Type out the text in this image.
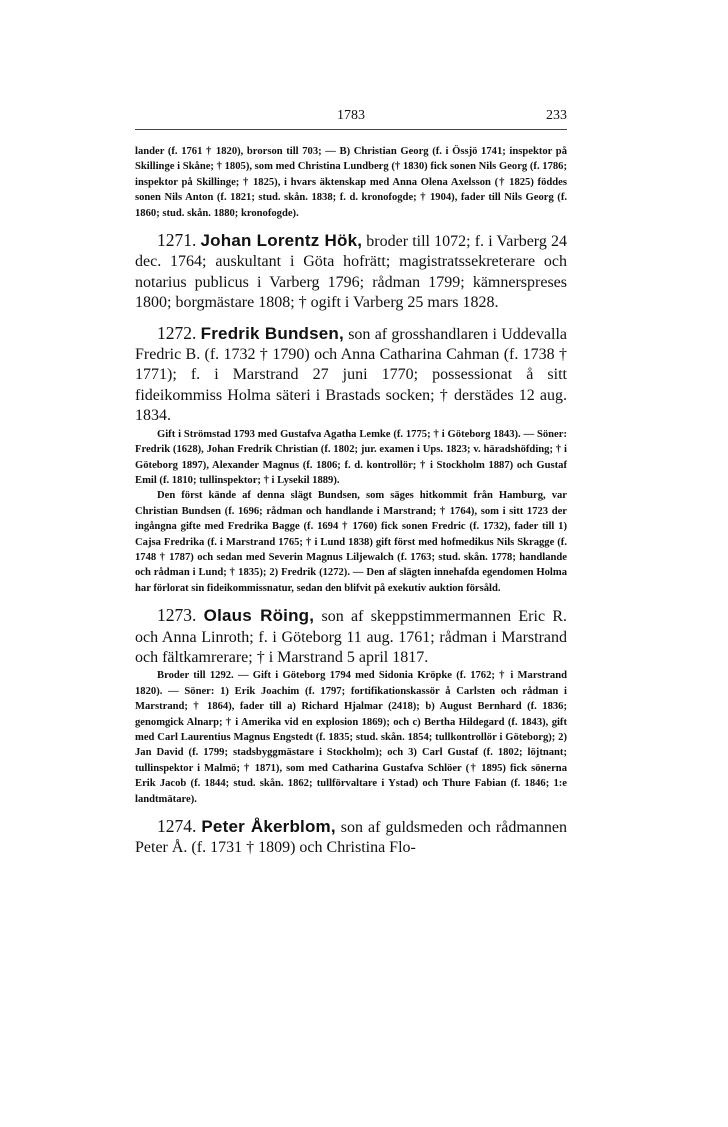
1783	233

lander (f. 1761 † 1820), brorson till 703; — B) Christian Georg (f. i Össjö 1741; inspektor på Skillinge i Skåne; † 1805), som med Christina Lundberg († 1830) fick sonen Nils Georg (f. 1786; inspektor på Skillinge; † 1825), i hvars äktenskap med Anna Olena Axelsson († 1825) föddes sonen Nils Anton (f. 1821; stud. skån. 1838; f. d. kronofogde; † 1904), fader till Nils Georg (f. 1860; stud. skån. 1880; kronofogde).

1271. Johan Lorentz Hök, broder till 1072; f. i Varberg 24 dec. 1764; auskultant i Göta hofrätt; magistratssekreterare och notarius publicus i Varberg 1796; rådman 1799; kämnerspreses 1800; borgmästare 1808; † ogift i Varberg 25 mars 1828.

1272. Fredrik Bundsen, son af grosshandlaren i Uddevalla Fredric B. (f. 1732 † 1790) och Anna Catharina Cahman (f. 1738 † 1771); f. i Marstrand 27 juni 1770; possessionat å sitt fideikommiss Holma säteri i Brastads socken; † derstädes 12 aug. 1834.

Gift i Strömstad 1793 med Gustafva Agatha Lemke (f. 1775; † i Göteborg 1843). — Söner: Fredrik (1628), Johan Fredrik Christian (f. 1802; jur. examen i Ups. 1823; v. häradshöfding; † i Göteborg 1897), Alexander Magnus (f. 1806; f. d. kontrollör; † i Stockholm 1887) och Gustaf Emil (f. 1810; tullinspektor; † i Lysekil 1889).

Den först kände af denna slägt Bundsen, som säges hitkommit från Hamburg, var Christian Bundsen (f. 1696; rådman och handlande i Marstrand; † 1764), som i sitt 1723 der ingångna gifte med Fredrika Bagge (f. 1694 † 1760) fick sonen Fredric (f. 1732), fader till 1) Cajsa Fredrika (f. i Marstrand 1765; † i Lund 1838) gift först med hofmedikus Nils Skragge (f. 1748 † 1787) och sedan med Severin Magnus Liljewalch (f. 1763; stud. skån. 1778; handlande och rådman i Lund; † 1835); 2) Fredrik (1272). — Den af slägten innehafda egendomen Holma har förlorat sin fideikommissnatur, sedan den blifvit på exekutiv auktion försåld.

1273. Olaus Röing, son af skeppstimmermannen Eric R. och Anna Linroth; f. i Göteborg 11 aug. 1761; rådman i Marstrand och fältkamrerare; † i Marstrand 5 april 1817.

Broder till 1292. — Gift i Göteborg 1794 med Sidonia Kröpke (f. 1762; † i Marstrand 1820). — Söner: 1) Erik Joachim (f. 1797; fortifikationskassör å Carlsten och rådman i Marstrand; † 1864), fader till a) Richard Hjalmar (2418); b) August Bernhard (f. 1836; genomgick Alnarp; † i Amerika vid en explosion 1869); och c) Bertha Hildegard (f. 1843), gift med Carl Laurentius Magnus Engstedt (f. 1835; stud. skån. 1854; tullkontrollör i Göteborg); 2) Jan David (f. 1799; stadsbyggmästare i Stockholm); och 3) Carl Gustaf (f. 1802; löjtnant; tullinspektor i Malmö; † 1871), som med Catharina Gustafva Schlöer († 1895) fick sönerna Erik Jacob (f. 1844; stud. skån. 1862; tullförvaltare i Ystad) och Thure Fabian (f. 1846; 1:e landtmätare).

1274. Peter Åkerblom, son af guldsmeden och rådmannen Peter Å. (f. 1731 † 1809) och Christina Flo-
